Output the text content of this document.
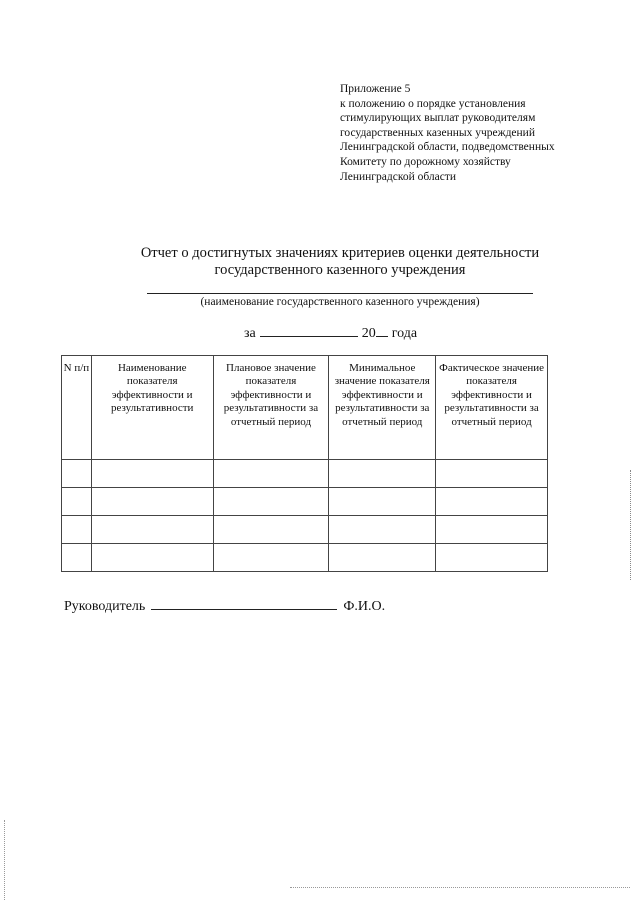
Приложение 5
к положению о порядке установления
стимулирующих выплат руководителям
государственных казенных учреждений
Ленинградской области, подведомственных
Комитету по дорожному хозяйству
Ленинградской области
Отчет о достигнутых значениях критериев оценки деятельности
государственного казенного учреждения
(наименование государственного казенного учреждения)
за	20 года
N п/п	Наименование показателя эффективности и результативности	Плановое значение показателя эффективности и результативности за отчетный период	Минимальное значение показателя эффективности и результативности за отчетный период	Фактическое значение показателя эффективности и результативности за отчетный период

Руководитель	Ф.И.О.
